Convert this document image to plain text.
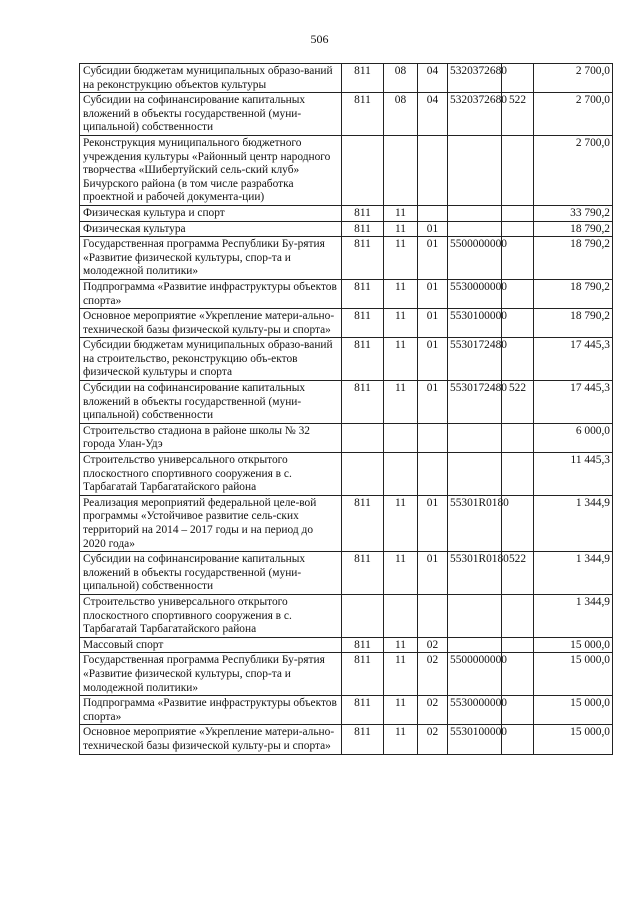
506
Субсидии бюджетам муниципальных образо-ваний на реконструкцию объектов культуры	811	08	04	5320372680		2 700,0
Субсидии на софинансирование капитальных вложений в объекты государственной (муни-ципальной) собственности	811	08	04	5320372680	522	2 700,0
Реконструкция муниципального бюджетного учреждения культуры «Районный центр народного творчества «Шибертуйский сель-ский клуб» Бичурского района (в том числе разработка проектной и рабочей документа-ции)						2 700,0
Физическая культура и спорт	811	11				33 790,2
Физическая культура	811	11	01			18 790,2
Государственная программа Республики Бу-рятия «Развитие физической культуры, спор-та и молодежной политики»	811	11	01	5500000000		18 790,2
Подпрограмма «Развитие инфраструктуры объектов спорта»	811	11	01	5530000000		18 790,2
Основное мероприятие «Укрепление матери-ально-технической базы физической культу-ры и спорта»	811	11	01	5530100000		18 790,2
Субсидии бюджетам муниципальных образо-ваний на строительство, реконструкцию объ-ектов физической культуры и спорта	811	11	01	5530172480		17 445,3
Субсидии на софинансирование капитальных вложений в объекты государственной (муни-ципальной) собственности	811	11	01	5530172480	522	17 445,3
Строительство стадиона в районе школы № 32 города Улан-Удэ						6 000,0
Строительство универсального открытого плоскостного спортивного сооружения в с. Тарбагатай Тарбагатайского района						11 445,3
Реализация мероприятий федеральной целе-вой программы «Устойчивое развитие сель-ских территорий на 2014 – 2017 годы и на период до 2020 года»	811	11	01	55301R0180		1 344,9
Субсидии на софинансирование капитальных вложений в объекты государственной (муни-ципальной) собственности	811	11	01	55301R0180	522	1 344,9
Строительство универсального открытого плоскостного спортивного сооружения в с. Тарбагатай Тарбагатайского района						1 344,9
Массовый спорт	811	11	02			15 000,0
Государственная программа Республики Бу-рятия «Развитие физической культуры, спор-та и молодежной политики»	811	11	02	5500000000		15 000,0
Подпрограмма «Развитие инфраструктуры объектов спорта»	811	11	02	5530000000		15 000,0
Основное мероприятие «Укрепление матери-ально-технической базы физической культу-ры и спорта»	811	11	02	5530100000		15 000,0
